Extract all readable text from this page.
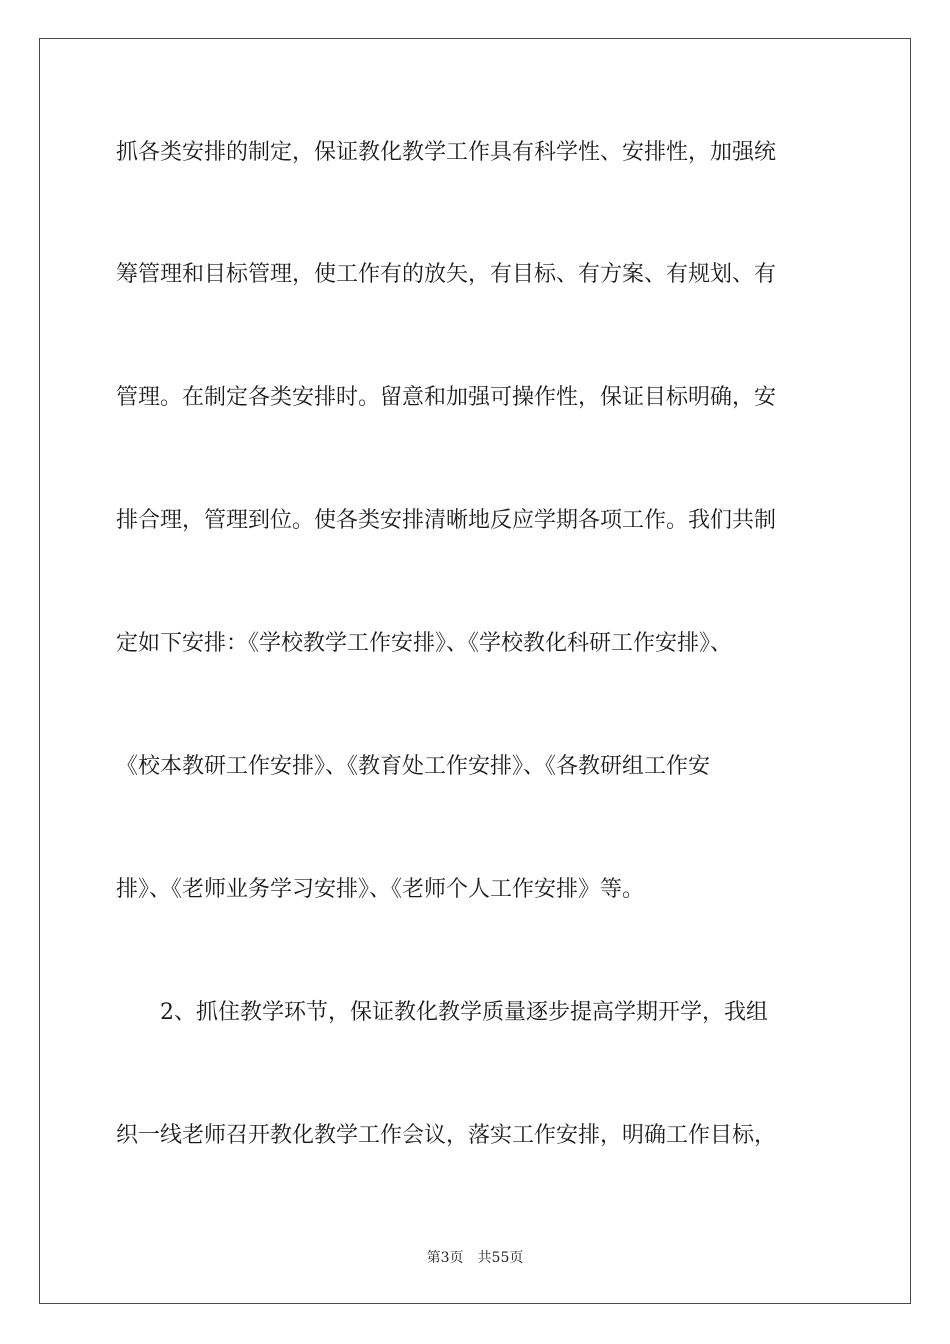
抓各类安排的制定，保证教化教学工作具有科学性、安排性，加强统
筹管理和目标管理，使工作有的放矢，有目标、有方案、有规划、有
管理。在制定各类安排时。留意和加强可操作性，保证目标明确，安
排合理，管理到位。使各类安排清晰地反应学期各项工作。我们共制
定如下安排：《学校教学工作安排》、《学校教化科研工作安排》、
《校本教研工作安排》、《教育处工作安排》、《各教研组工作安
排》、《老师业务学习安排》、《老师个人工作安排》等。
　　2、抓住教学环节，保证教化教学质量逐步提高学期开学，我组
织一线老师召开教化教学工作会议，落实工作安排，明确工作目标，
第3页 共55页
